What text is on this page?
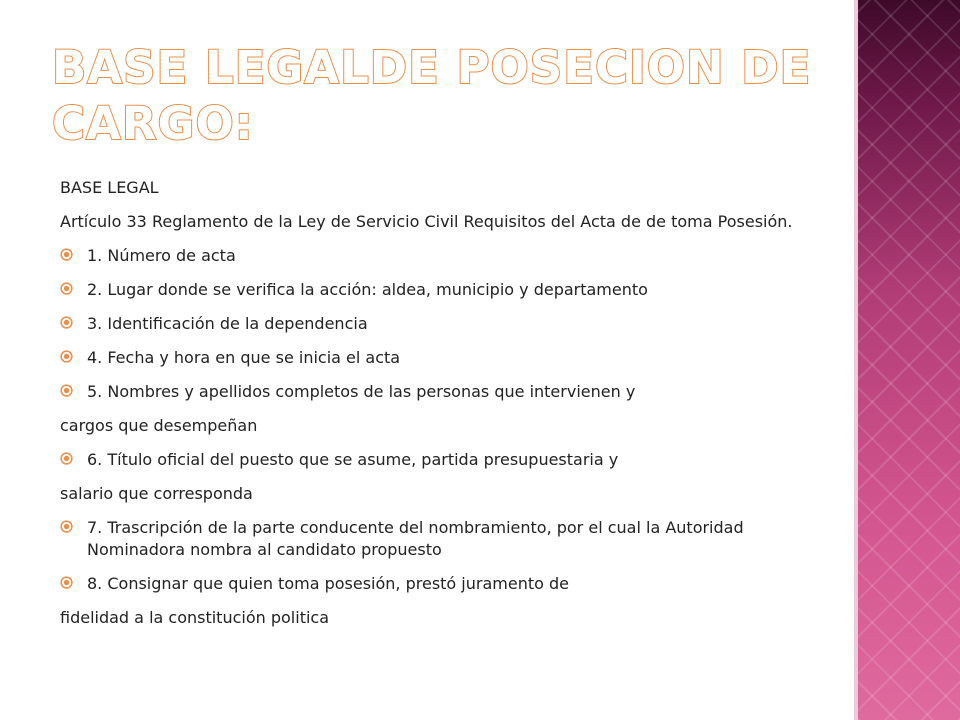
BASE LEGALDE POSECION DE CARGO:

BASE LEGAL

Artículo 33 Reglamento de la Ley de Servicio Civil Requisitos del Acta de de toma Posesión.

1. Número de acta

2. Lugar donde se verifica la acción: aldea, municipio y departamento

3. Identificación de la dependencia

4. Fecha y hora en que se inicia el acta

5. Nombres y apellidos completos de las personas que intervienen y

cargos que desempeñan

6. Título oficial del puesto que se asume, partida presupuestaria y

salario que corresponda

7. Trascripción de la parte conducente del nombramiento, por el cual la Autoridad Nominadora nombra al candidato propuesto

8. Consignar que quien toma posesión, prestó juramento de

fidelidad a la constitución politica
